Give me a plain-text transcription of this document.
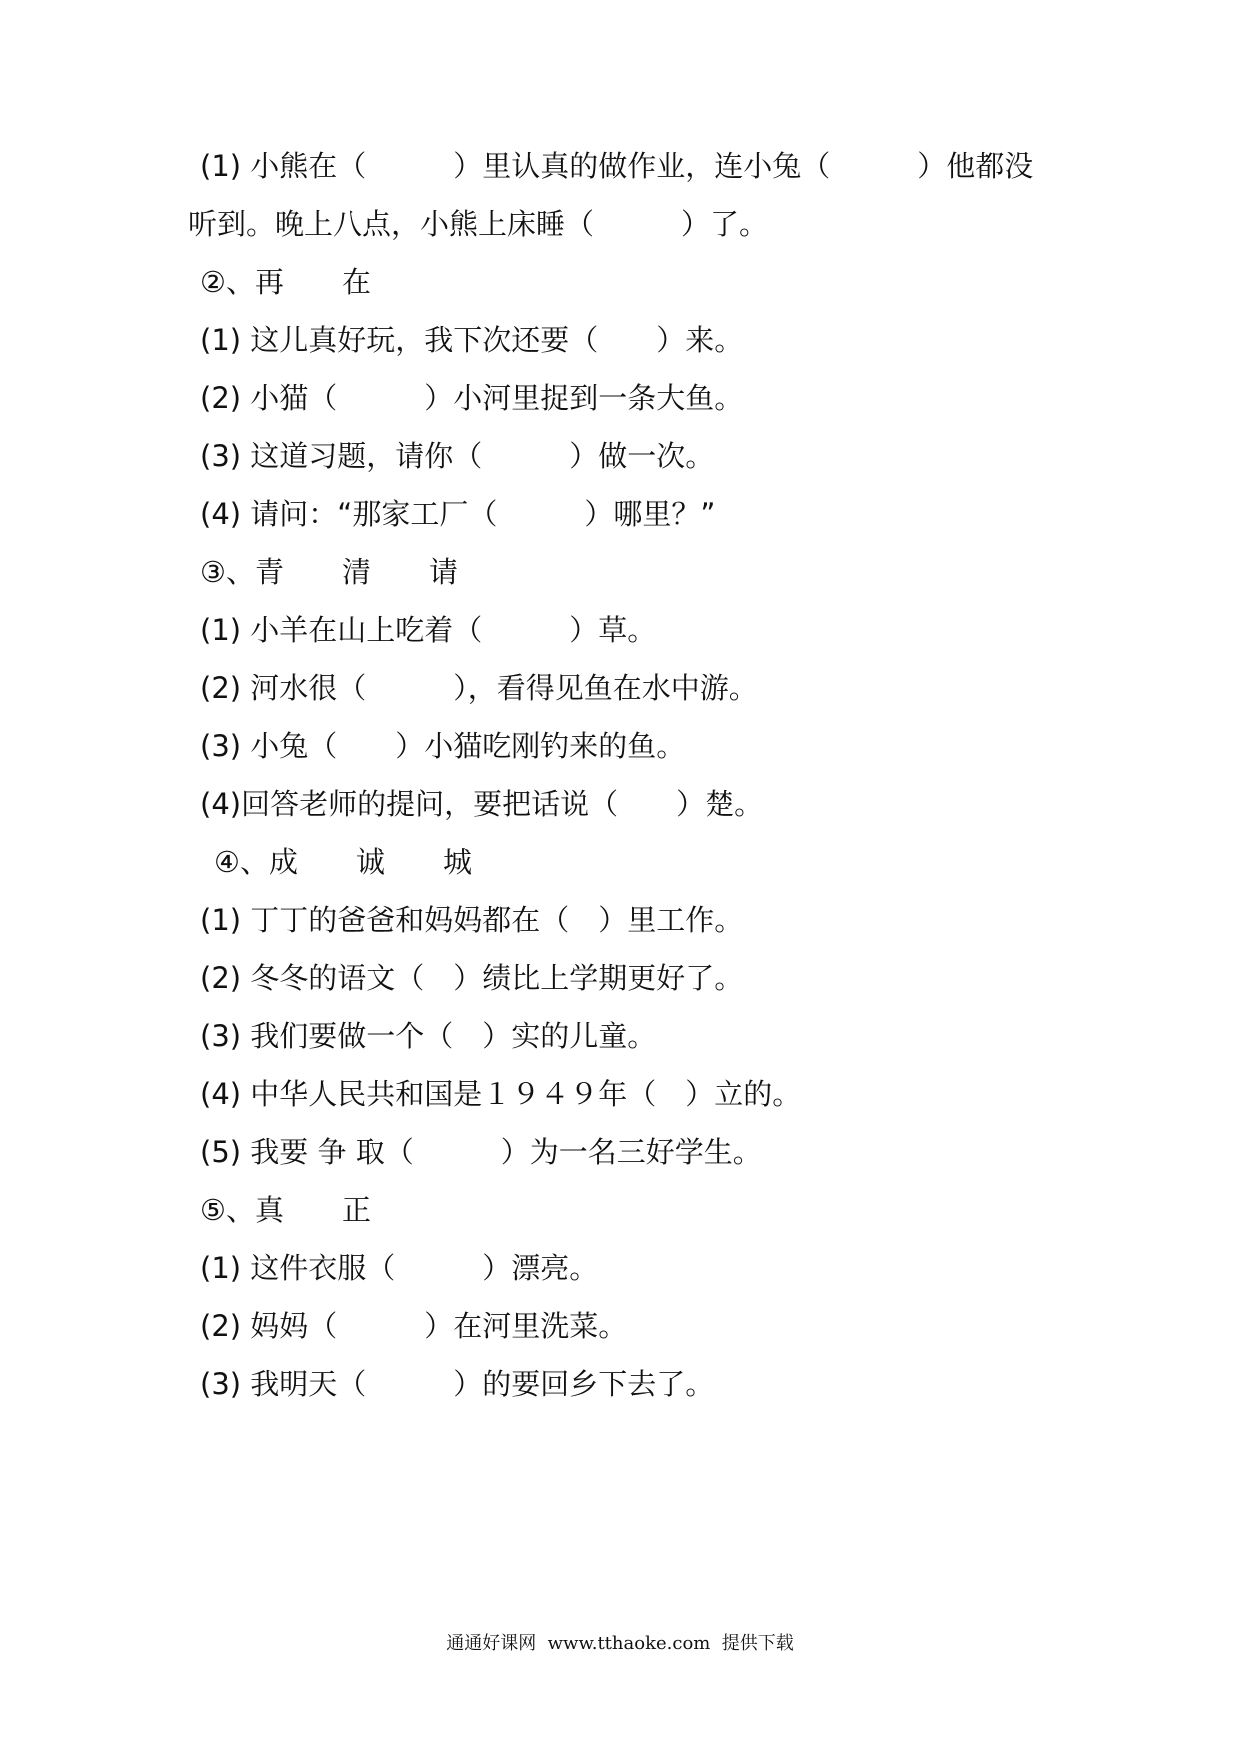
(1) 小熊在（　　　）里认真的做作业，连小兔（　　　）他都没
听到。晚上八点，小熊上床睡（　　　）了。
②、再　　在
(1) 这儿真好玩，我下次还要（　　）来。
(2) 小猫（　　　）小河里捉到一条大鱼。
(3) 这道习题，请你（　　　）做一次。
(4) 请问：“那家工厂（　　　）哪里？”
③、青　　清　　请
(1) 小羊在山上吃着（　　　）草。
(2) 河水很（　　　），看得见鱼在水中游。
(3) 小兔（　　）小猫吃刚钓来的鱼。
(4)回答老师的提问，要把话说（　　）楚。
④、成　　诚　　城
(1) 丁丁的爸爸和妈妈都在（　）里工作。
(2) 冬冬的语文（　）绩比上学期更好了。
(3) 我们要做一个（　）实的儿童。
(4) 中华人民共和国是１９４９年（　）立的。
(5) 我要 争 取（　　　）为一名三好学生。
⑤、真　　正
(1) 这件衣服（　　　）漂亮。
(2) 妈妈（　　　）在河里洗菜。
(3) 我明天（　　　）的要回乡下去了。
通通好课网  www.tthaoke.com  提供下载
